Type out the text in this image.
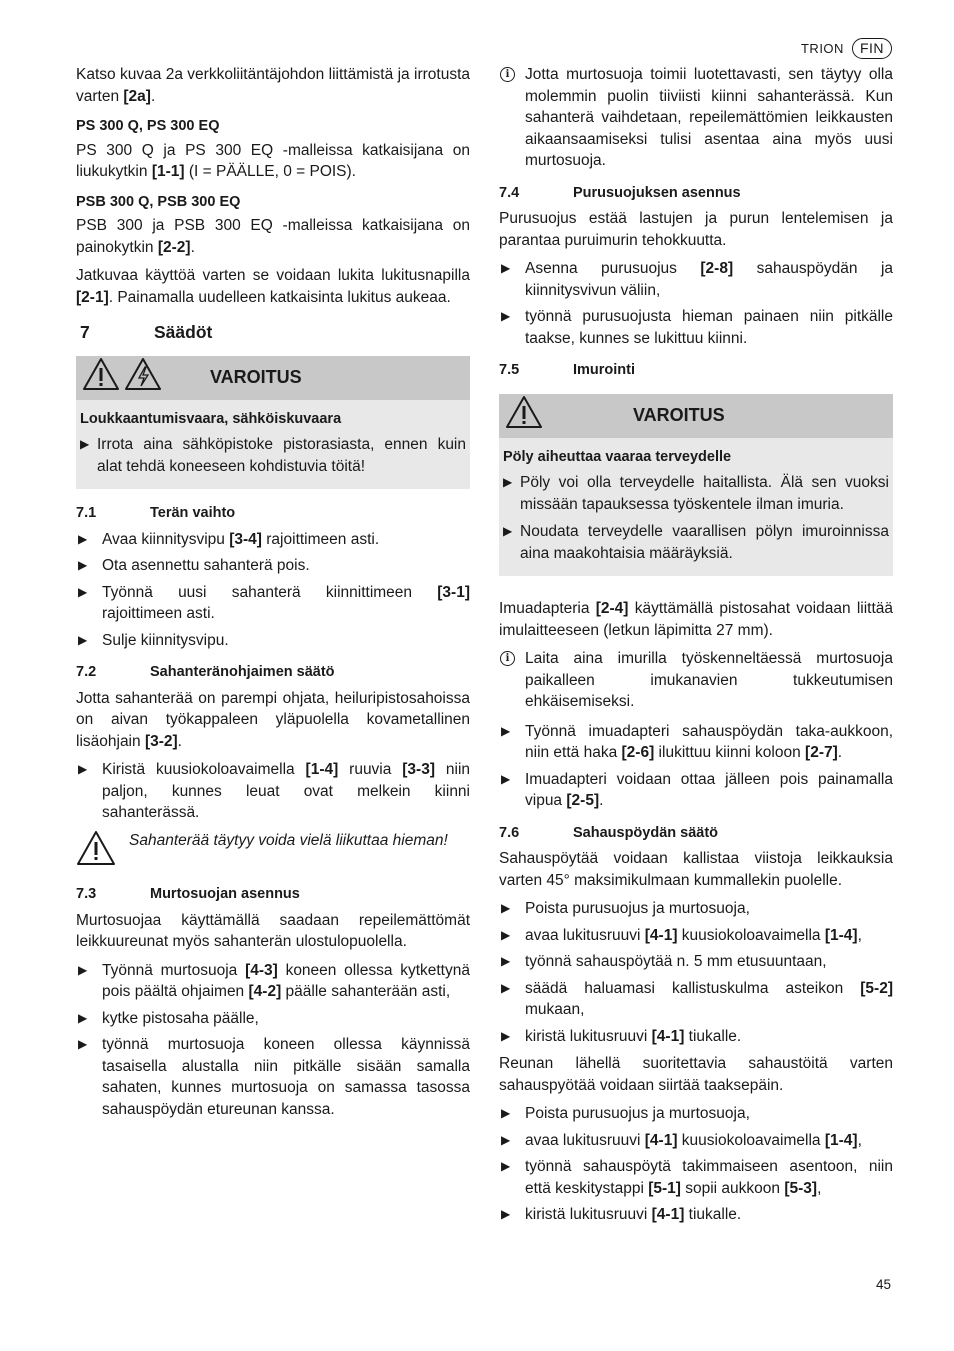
TRION	FIN

Katso kuvaa 2a verkkoliitäntäjohdon liittämistä ja irrotusta varten [2a].

PS 300 Q, PS 300 EQ

PS 300 Q ja PS 300 EQ -malleissa katkaisijana on liukukytkin [1-1] (I = PÄÄLLE, 0 = POIS).

PSB 300 Q, PSB 300 EQ

PSB 300 ja PSB 300 EQ -malleissa katkaisijana on painokytkin [2-2].

Jatkuvaa käyttöä varten se voidaan lukita lukitusnapilla [2-1]. Painamalla uudelleen katkaisinta lukitus aukeaa.

7	Säädöt
VAROITUS
Loukkaantumisvaara, sähköiskuvaara
▶ Irrota aina sähköpistoke pistorasiasta, ennen kuin alat tehdä koneeseen kohdistuvia töitä!
7.1	Terän vaihto
▶ Avaa kiinnitysvipu [3-4] rajoittimeen asti.
▶ Ota asennettu sahanterä pois.
▶ Työnnä uusi sahanterä kiinnittimeen [3-1] rajoittimeen asti.
▶ Sulje kiinnitysvipu.
7.2	Sahanteränohjaimen säätö

Jotta sahanterää on parempi ohjata, heiluripistosahoissa on aivan työkappaleen yläpuolella kovametallinen lisäohjain [3-2].

▶ Kiristä kuusiokoloavaimella [1-4] ruuvia [3-3] niin paljon, kunnes leuat ovat melkein kiinni sahanterässä.
Sahanterää täytyy voida vielä liikuttaa hieman!
7.3	Murtosuojan asennus

Murtosuojaa käyttämällä saadaan repeilemättömät leikkuureunat myös sahanterän ulostulopuolella.

▶ Työnnä murtosuoja [4-3] koneen ollessa kytkettynä pois päältä ohjaimen [4-2] päälle sahanterään asti,
▶ kytke pistosaha päälle,
▶ työnnä murtosuoja koneen ollessa käynnissä tasaisella alustalla niin pitkälle sisään samalla sahaten, kunnes murtosuoja on samassa tasossa sahauspöydän etureunan kanssa.
i	Jotta murtosuoja toimii luotettavasti, sen täytyy olla molemmin puolin tiiviisti kiinni sahanterässä. Kun sahanterä vaihdetaan, repeilemättömien leikkausten aikaansaamiseksi tulisi asentaa aina myös uusi murtosuoja.
7.4	Purusuojuksen asennus

Purusuojus estää lastujen ja purun lentelemisen ja parantaa puruimurin tehokkuutta.

▶ Asenna purusuojus [2-8] sahauspöydän ja kiinnitysvivun väliin,
▶ työnnä purusuojusta hieman painaen niin pitkälle taakse, kunnes se lukittuu kiinni.
7.5	Imurointi
VAROITUS
Pöly aiheuttaa vaaraa terveydelle
▶ Pöly voi olla terveydelle haitallista. Älä sen vuoksi missään tapauksessa työskentele ilman imuria.
▶ Noudata terveydelle vaarallisen pölyn imuroinnissa aina maakohtaisia määräyksiä.

Imuadapteria [2-4] käyttämällä pistosahat voidaan liittää imulaitteeseen (letkun läpimitta 27 mm).

i	Laita aina imurilla työskenneltäessä murtosuoja paikalleen imukanavien tukkeutumisen ehkäisemiseksi.
▶ Työnnä imuadapteri sahauspöydän taka-aukkoon, niin että haka [2-6] ilukittuu kiinni koloon [2-7].
▶ Imuadapteri voidaan ottaa jälleen pois painamalla vipua [2-5].
7.6	Sahauspöydän säätö

Sahauspöytää voidaan kallistaa viistoja leikkauksia varten 45° maksimikulmaan kummallekin puolelle.

▶ Poista purusuojus ja murtosuoja,
▶ avaa lukitusruuvi [4-1] kuusiokoloavaimella [1-4],
▶ työnnä sahauspöytää n. 5 mm etusuuntaan,
▶ säädä haluamasi kallistuskulma asteikon [5-2] mukaan,
▶ kiristä lukitusruuvi [4-1] tiukalle.

Reunan lähellä suoritettavia sahaustöitä varten sahauspyötää voidaan siirtää taaksepäin.

▶ Poista purusuojus ja murtosuoja,
▶ avaa lukitusruuvi [4-1] kuusiokoloavaimella [1-4],
▶ työnnä sahauspöytä takimmaiseen asentoon, niin että keskitystappi [5-1] sopii aukkoon [5-3],
▶ kiristä lukitusruuvi [4-1] tiukalle.
45
